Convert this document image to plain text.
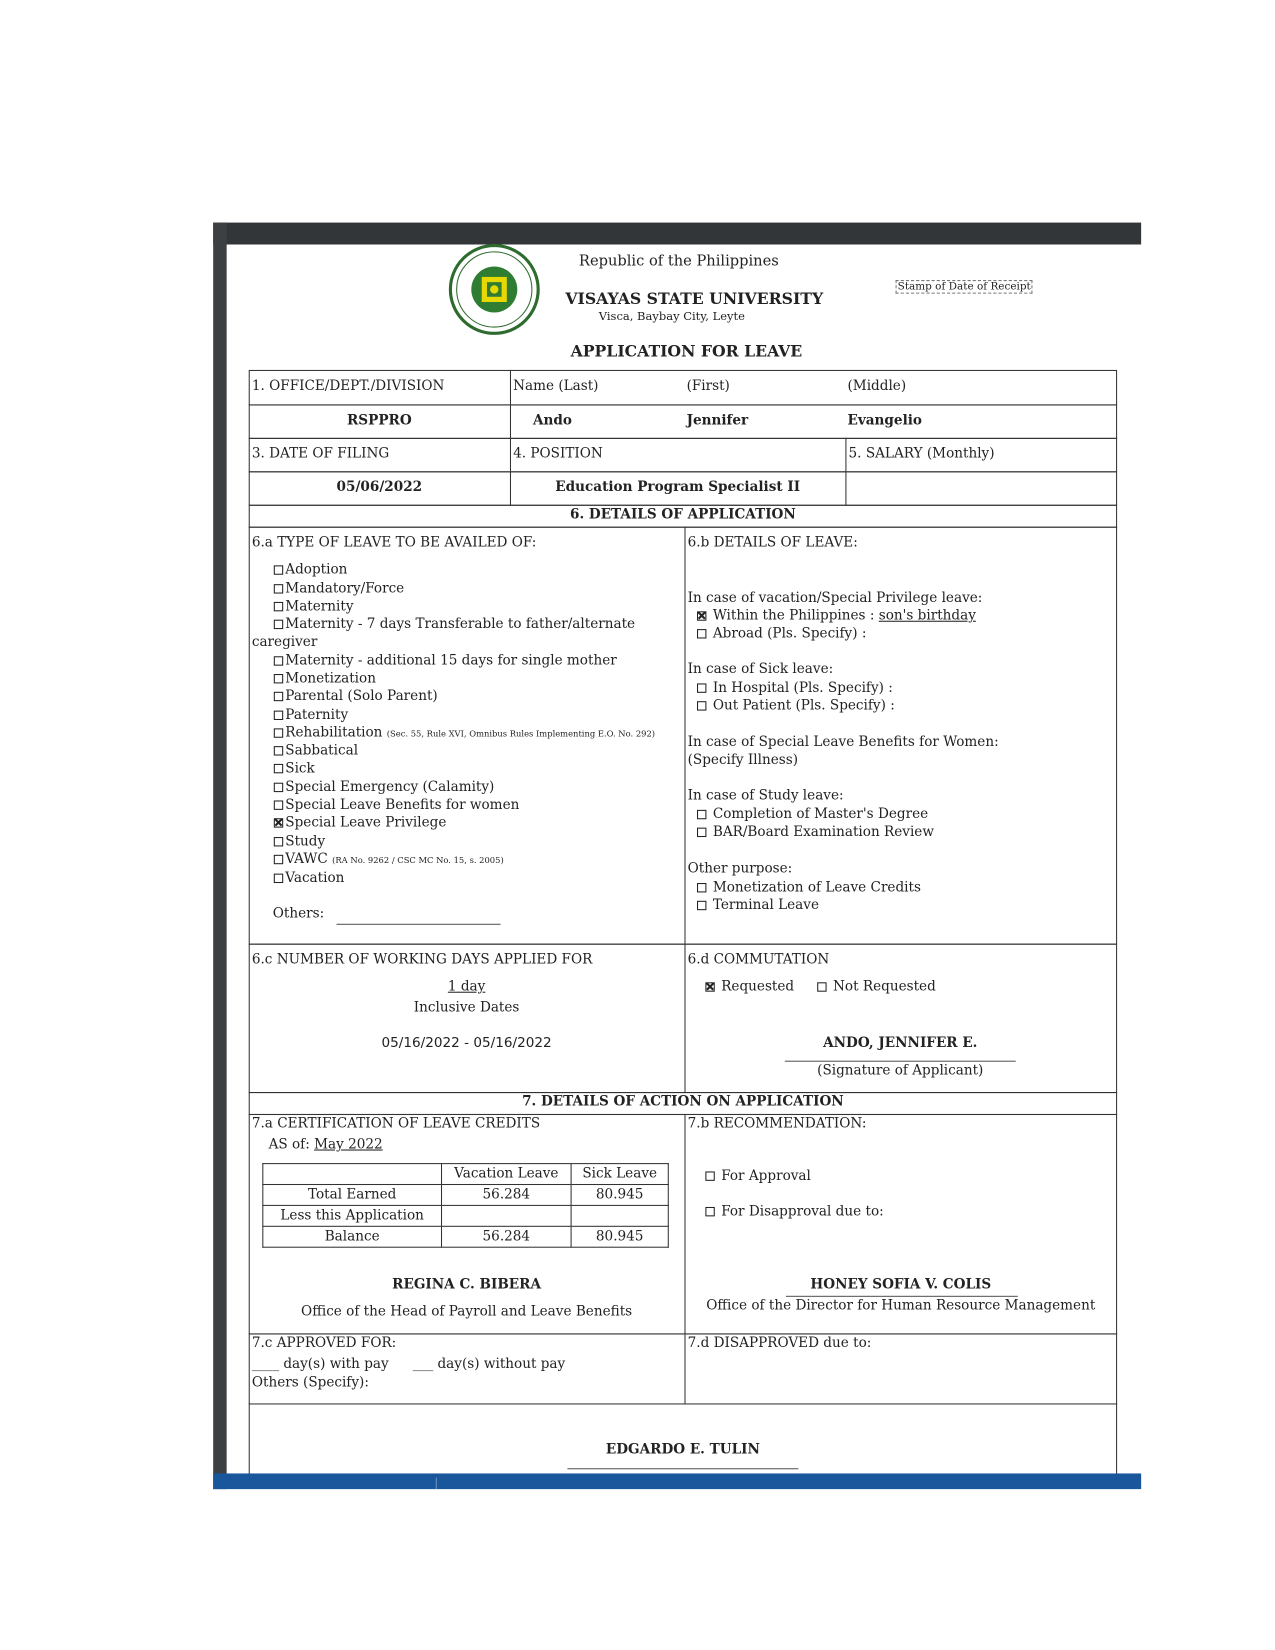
Republic of the Philippines
VISAYAS STATE UNIVERSITY
Visca, Baybay City, Leyte
Stamp of Date of Receipt
APPLICATION FOR LEAVE
1. OFFICE/DEPT./DIVISION	Name (Last)	(First)	(Middle)
RSPPRO	Ando	Jennifer	Evangelio
3. DATE OF FILING	4. POSITION	5. SALARY (Monthly)
05/06/2022	Education Program Specialist II
6. DETAILS OF APPLICATION
6.a TYPE OF LEAVE TO BE AVAILED OF:
Adoption
Mandatory/Force
Maternity
Maternity - 7 days Transferable to father/alternate
caregiver
Maternity - additional 15 days for single mother
Monetization
Parental (Solo Parent)
Paternity
Rehabilitation (Sec. 55, Rule XVI, Omnibus Rules Implementing E.O. No. 292)
Sabbatical
Sick
Special Emergency (Calamity)
Special Leave Benefits for women
Special Leave Privilege
Study
VAWC (RA No. 9262 / CSC MC No. 15, s. 2005)
Vacation
Others:
6.b DETAILS OF LEAVE:
In case of vacation/Special Privilege leave:
Within the Philippines : son's birthday
Abroad (Pls. Specify) :
In case of Sick leave:
In Hospital (Pls. Specify) :
Out Patient (Pls. Specify) :
In case of Special Leave Benefits for Women:
(Specify Illness)
In case of Study leave:
Completion of Master's Degree
BAR/Board Examination Review
Other purpose:
Monetization of Leave Credits
Terminal Leave
6.c NUMBER OF WORKING DAYS APPLIED FOR
1 day
Inclusive Dates
05/16/2022 - 05/16/2022
6.d COMMUTATION
Requested	Not Requested
ANDO, JENNIFER E.
(Signature of Applicant)
7. DETAILS OF ACTION ON APPLICATION
7.a CERTIFICATION OF LEAVE CREDITS
AS of: May 2022
	Vacation Leave	Sick Leave
Total Earned	56.284	80.945
Less this Application		
Balance	56.284	80.945
REGINA C. BIBERA
Office of the Head of Payroll and Leave Benefits
7.b RECOMMENDATION:
For Approval
For Disapproval due to:
HONEY SOFIA V. COLIS
Office of the Director for Human Resource Management
7.c APPROVED FOR:
____ day(s) with pay ___ day(s) without pay
Others (Specify):
7.d DISAPPROVED due to:
EDGARDO E. TULIN
